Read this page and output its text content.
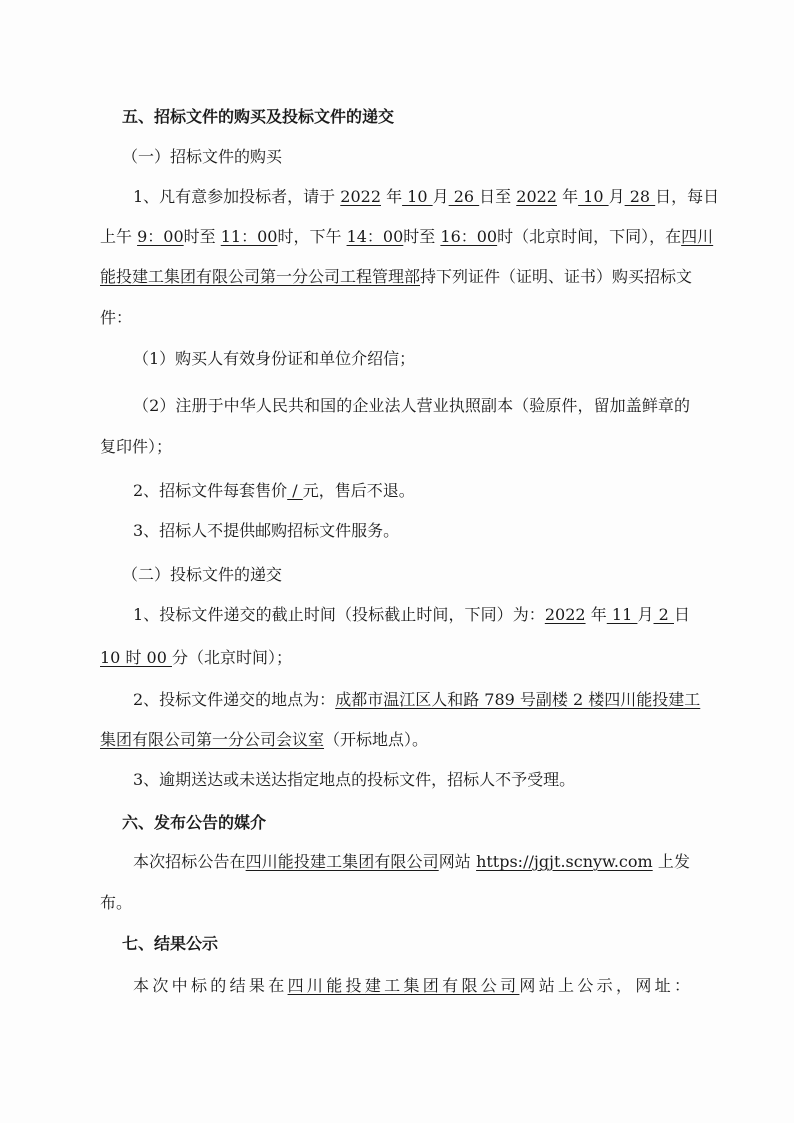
五、招标文件的购买及投标文件的递交
（一）招标文件的购买
1、凡有意参加投标者，请于 2022 年 10 月 26 日至 2022 年 10 月 28 日，每日
上午 9：00时至 11：00时，下午 14：00时至 16：00时（北京时间，下同），在四川
能投建工集团有限公司第一分公司工程管理部持下列证件（证明、证书）购买招标文
件：
（1）购买人有效身份证和单位介绍信；
（2）注册于中华人民共和国的企业法人营业执照副本（验原件，留加盖鲜章的
复印件）；
2、招标文件每套售价 / 元，售后不退。
3、招标人不提供邮购招标文件服务。
（二）投标文件的递交
1、投标文件递交的截止时间（投标截止时间，下同）为：2022 年 11 月 2 日
10 时 00 分（北京时间）；
2、投标文件递交的地点为：成都市温江区人和路 789 号副楼 2 楼四川能投建工
集团有限公司第一分公司会议室（开标地点）。
3、逾期送达或未送达指定地点的投标文件，招标人不予受理。
六、发布公告的媒介
本次招标公告在四川能投建工集团有限公司网站 https://jgjt.scnyw.com 上发
布。
七、结果公示
本次中标的结果在四川能投建工集团有限公司网站上公示，网址：
